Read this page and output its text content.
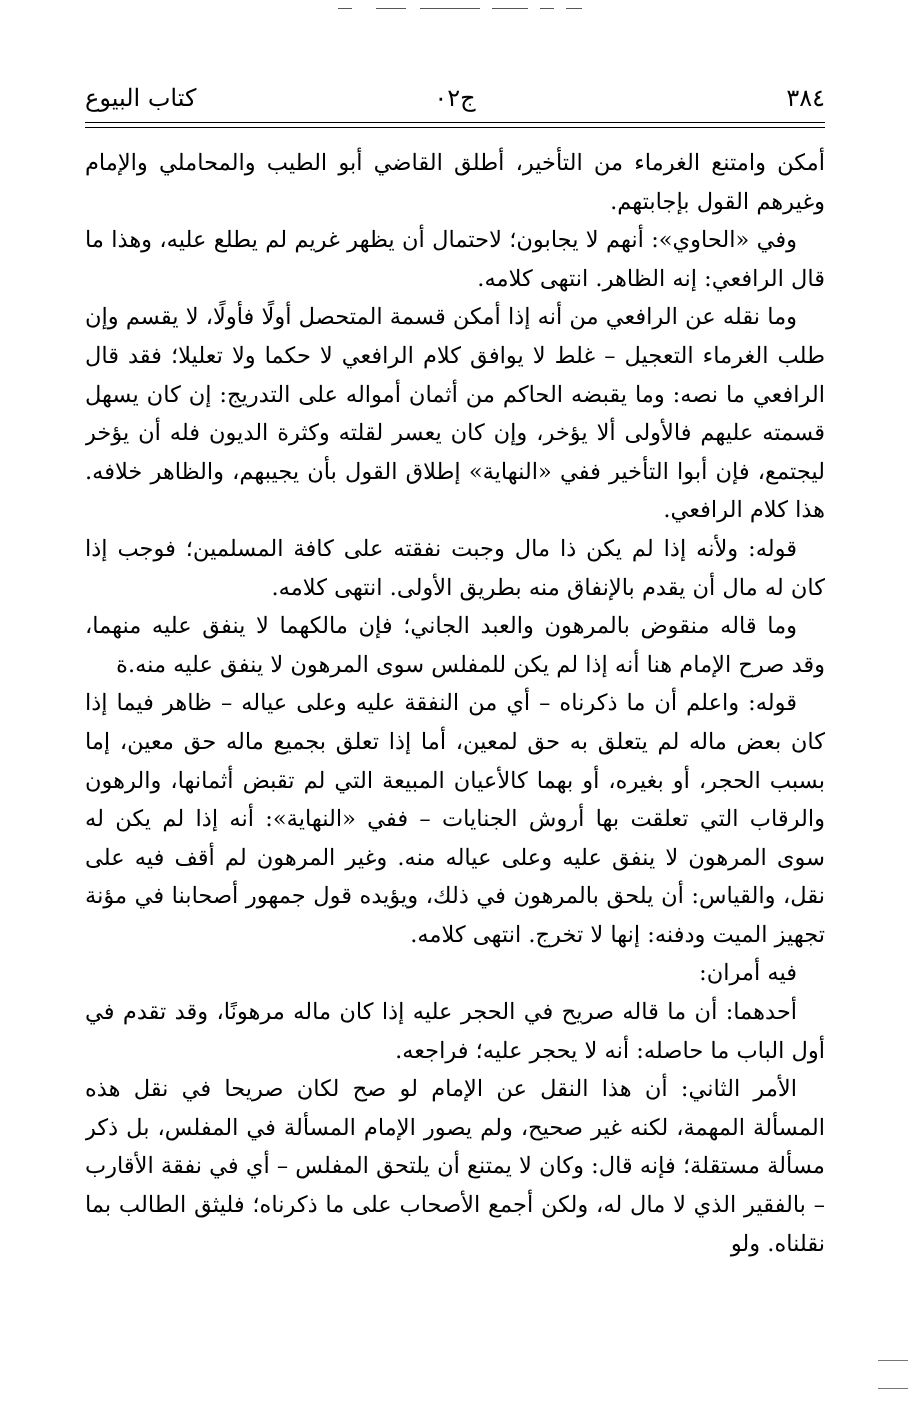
٣٨٤
ج٠٢
كتاب البيوع

أمكن وامتنع الغرماء من التأخير، أطلق القاضي أبو الطيب والمحاملي والإمام وغيرهم القول بإجابتهم.

وفي «الحاوي»: أنهم لا يجابون؛ لاحتمال أن يظهر غريم لم يطلع عليه، وهذا ما قال الرافعي: إنه الظاهر. انتهى كلامه.

وما نقله عن الرافعي من أنه إذا أمكن قسمة المتحصل أولًا فأولًا، لا يقسم وإن طلب الغرماء التعجيل – غلط لا يوافق كلام الرافعي لا حكما ولا تعليلا؛ فقد قال الرافعي ما نصه: وما يقبضه الحاكم من أثمان أمواله على التدريج: إن كان يسهل قسمته عليهم فالأولى ألا يؤخر، وإن كان يعسر لقلته وكثرة الديون فله أن يؤخر ليجتمع، فإن أبوا التأخير ففي «النهاية» إطلاق القول بأن يجيبهم، والظاهر خلافه. هذا كلام الرافعي.

قوله: ولأنه إذا لم يكن ذا مال وجبت نفقته على كافة المسلمين؛ فوجب إذا كان له مال أن يقدم بالإنفاق منه بطريق الأولى. انتهى كلامه.

وما قاله منقوض بالمرهون والعبد الجاني؛ فإن مالكهما لا ينفق عليه منهما، وقد صرح الإمام هنا أنه إذا لم يكن للمفلس سوى المرهون لا ينفق عليه منه.ة

قوله: واعلم أن ما ذكرناه – أي من النفقة عليه وعلى عياله – ظاهر فيما إذا كان بعض ماله لم يتعلق به حق لمعين، أما إذا تعلق بجميع ماله حق معين، إما بسبب الحجر، أو بغيره، أو بهما كالأعيان المبيعة التي لم تقبض أثمانها، والرهون والرقاب التي تعلقت بها أروش الجنايات – ففي «النهاية»: أنه إذا لم يكن له سوى المرهون لا ينفق عليه وعلى عياله منه. وغير المرهون لم أقف فيه على نقل، والقياس: أن يلحق بالمرهون في ذلك، ويؤيده قول جمهور أصحابنا في مؤنة تجهيز الميت ودفنه: إنها لا تخرج. انتهى كلامه.

فيه أمران:

أحدهما: أن ما قاله صريح في الحجر عليه إذا كان ماله مرهونًا، وقد تقدم في أول الباب ما حاصله: أنه لا يحجر عليه؛ فراجعه.

الأمر الثاني: أن هذا النقل عن الإمام لو صح لكان صريحا في نقل هذه المسألة المهمة، لكنه غير صحيح، ولم يصور الإمام المسألة في المفلس، بل ذكر مسألة مستقلة؛ فإنه قال: وكان لا يمتنع أن يلتحق المفلس – أي في نفقة الأقارب – بالفقير الذي لا مال له، ولكن أجمع الأصحاب على ما ذكرناه؛ فليثق الطالب بما نقلناه. ولو
